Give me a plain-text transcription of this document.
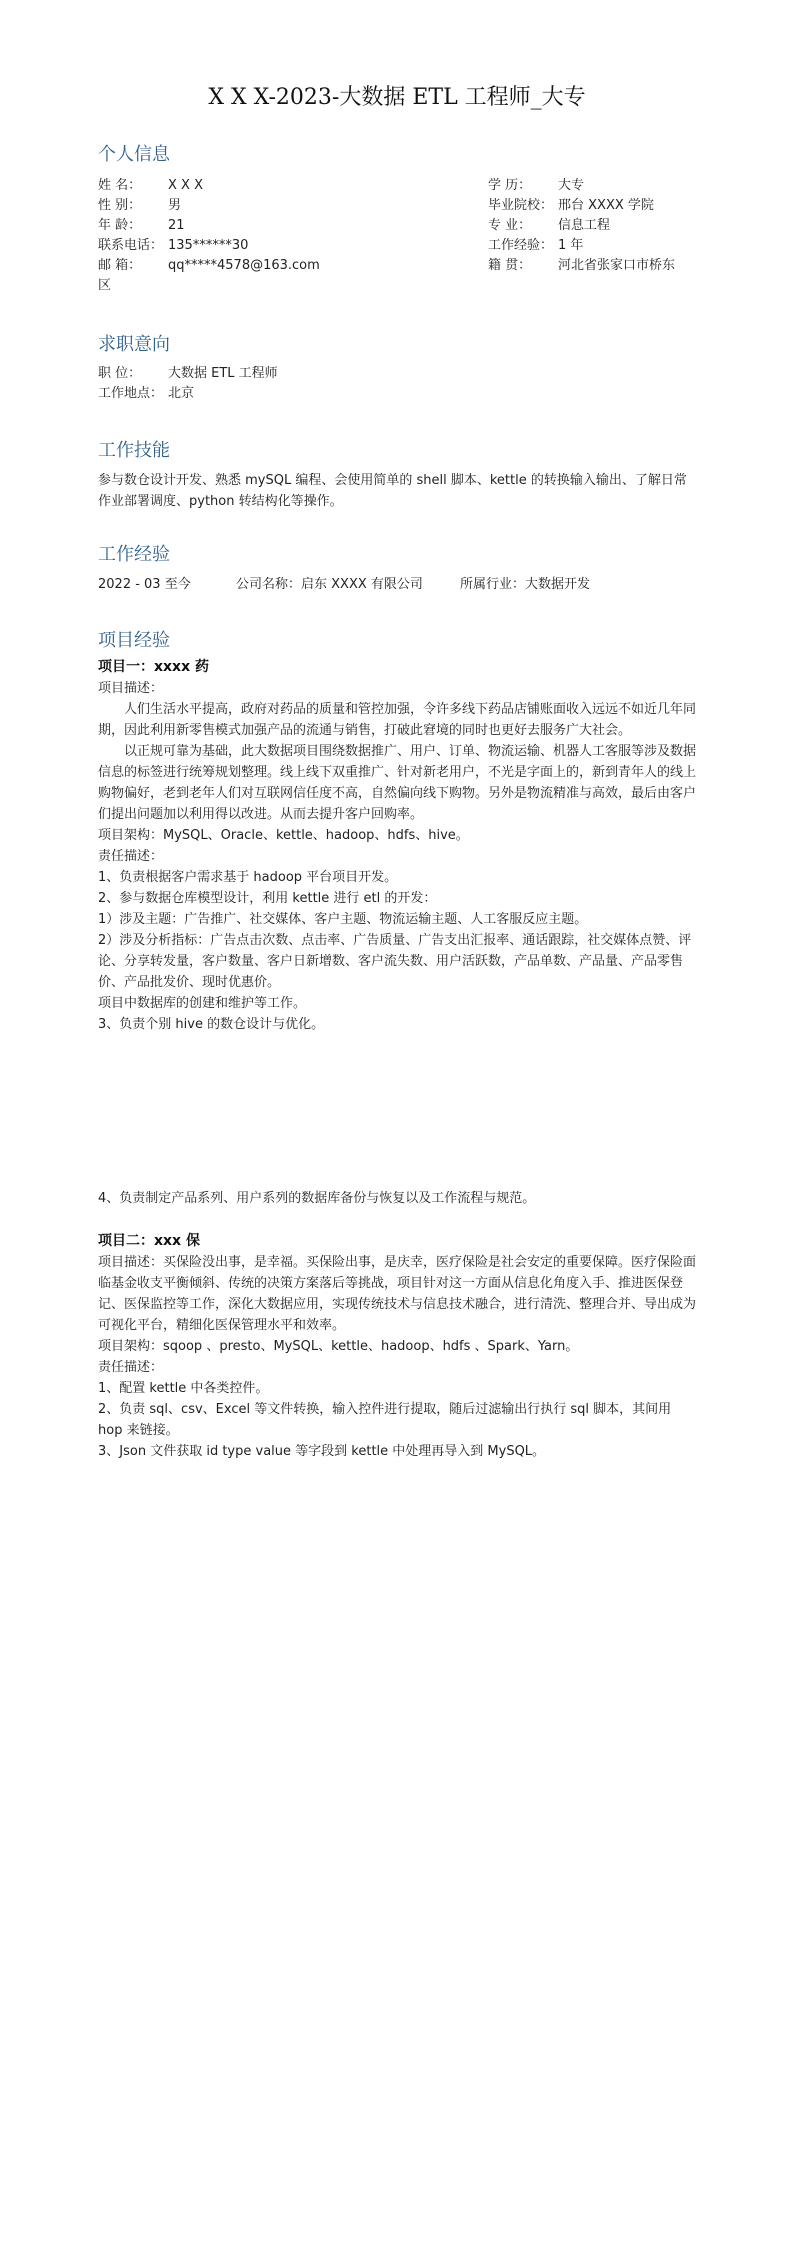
X X X-2023-大数据 ETL 工程师_大专
个人信息
姓 名： X X X
性 别： 男
年 龄： 21
联系电话： 135******30
邮 箱： qq*****4578@163.com
区
学 历： 大专
毕业院校： 邢台 XXXX 学院
专 业： 信息工程
工作经验： 1 年
籍 贯： 河北省张家口市桥东
求职意向
职 位： 大数据 ETL 工程师
工作地点： 北京
工作技能
参与数仓设计开发、熟悉 mySQL 编程、会使用简单的 shell 脚本、kettle 的转换输入输出、了解日常作业部署调度、python 转结构化等操作。
工作经验
2022 - 03 至今	公司名称：启东 XXXX 有限公司	所属行业：大数据开发
项目经验

项目一：xxxx 药

项目描述：

人们生活水平提高，政府对药品的质量和管控加强，令许多线下药品店铺账面收入远远不如近几年同期，因此利用新零售模式加强产品的流通与销售，打破此窘境的同时也更好去服务广大社会。

以正规可靠为基础，此大数据项目围绕数据推广、用户、订单、物流运输、机器人工客服等涉及数据信息的标签进行统筹规划整理。线上线下双重推广、针对新老用户，不光是字面上的，新到青年人的线上购物偏好，老到老年人们对互联网信任度不高，自然偏向线下购物。另外是物流精准与高效，最后由客户们提出问题加以利用得以改进。从而去提升客户回购率。

项目架构：MySQL、Oracle、kettle、hadoop、hdfs、hive。

责任描述：

1、负责根据客户需求基于 hadoop 平台项目开发。

2、参与数据仓库模型设计，利用 kettle 进行 etl 的开发：

1）涉及主题：广告推广、社交媒体、客户主题、物流运输主题、人工客服反应主题。

2）涉及分析指标：广告点击次数、点击率、广告质量、广告支出汇报率、通话跟踪，社交媒体点赞、评论、分享转发量，客户数量、客户日新增数、客户流失数、用户活跃数，产品单数、产品量、产品零售价、产品批发价、现时优惠价。

项目中数据库的创建和维护等工作。

3、负责个别 hive 的数仓设计与优化。

4、负责制定产品系列、用户系列的数据库备份与恢复以及工作流程与规范。

项目二：xxx 保

项目描述：买保险没出事，是幸福。买保险出事，是庆幸，医疗保险是社会安定的重要保障。医疗保险面临基金收支平衡倾斜、传统的决策方案落后等挑战，项目针对这一方面从信息化角度入手、推进医保登记、医保监控等工作，深化大数据应用，实现传统技术与信息技术融合，进行清洗、整理合并、导出成为可视化平台，精细化医保管理水平和效率。

项目架构：sqoop 、presto、MySQL、kettle、hadoop、hdfs 、Spark、Yarn。

责任描述：

1、配置 kettle 中各类控件。

2、负责 sql、csv、Excel 等文件转换，输入控件进行提取，随后过滤输出行执行 sql 脚本，其间用 hop 来链接。

3、Json 文件获取 id type value 等字段到 kettle 中处理再导入到 MySQL。
